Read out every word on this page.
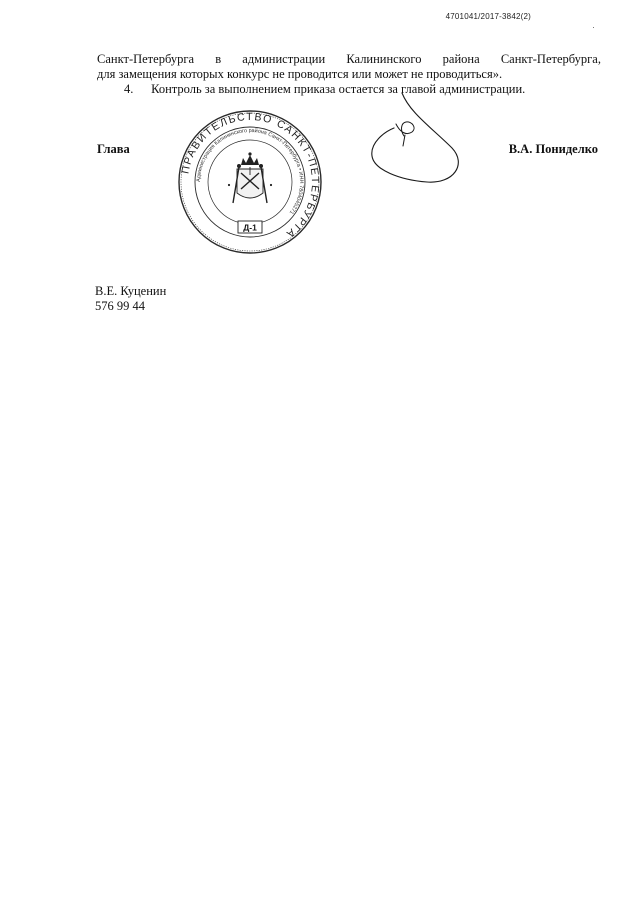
4701041/2017-3842(2)
Санкт-Петербурга в администрации Калининского района Санкт-Петербурга,
для замещения которых конкурс не проводится или может не проводиться».
4. Контроль за выполнением приказа остается за главой администрации.
Глава	В.А. Пониделко
ПРАВИТЕЛЬСТВО САНКТ-ПЕТЕРБУРГА
Администрация Калининского района Санкт-Петербурга • ИНН 7804045271
Д-1
В.Е. Куценин
576 99 44
